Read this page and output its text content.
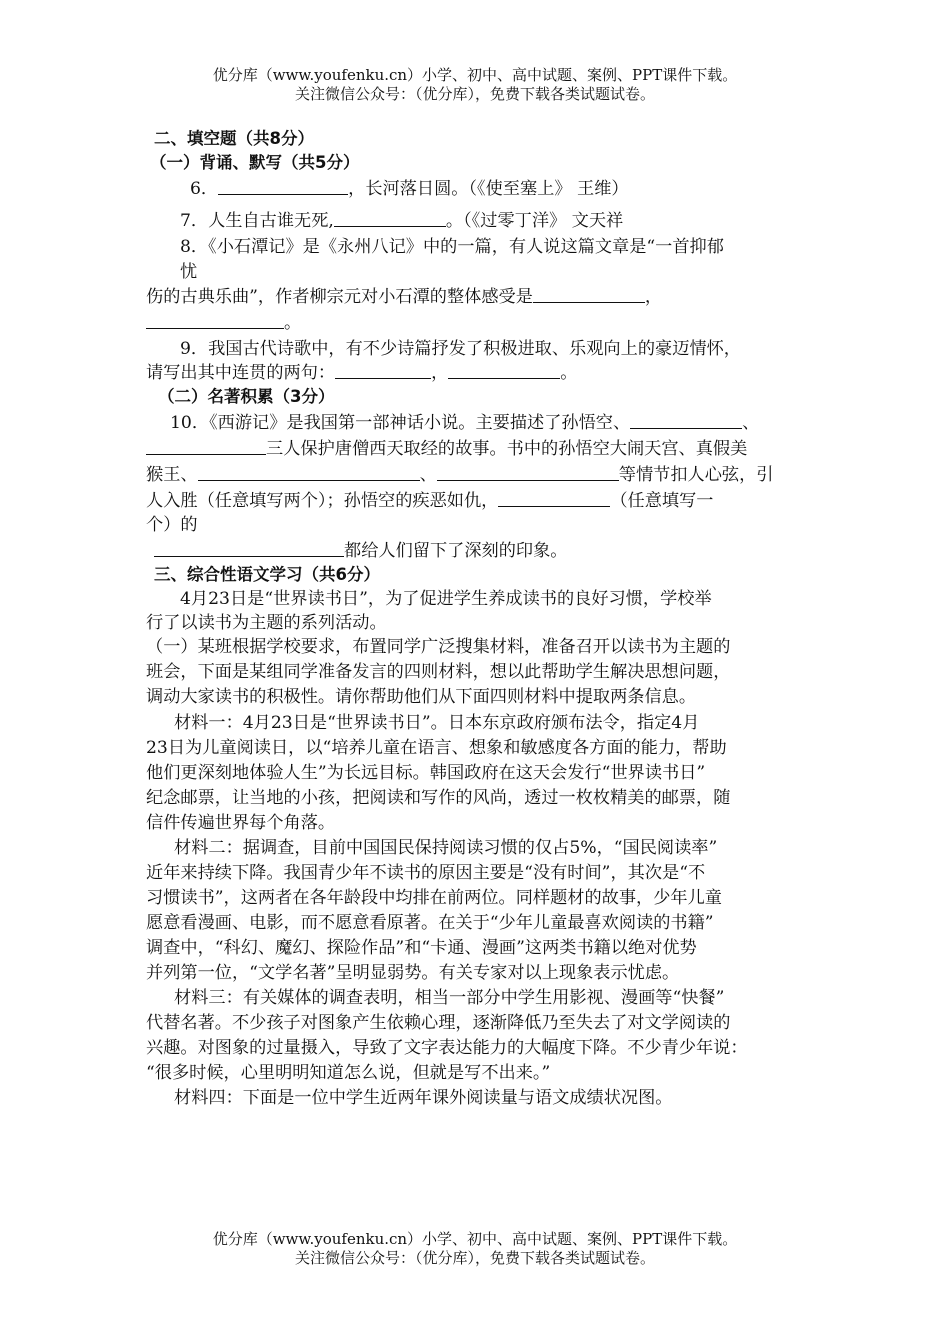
优分库（www.youfenku.cn）小学、初中、高中试题、案例、PPT课件下载。
关注微信公众号：（优分库），免费下载各类试题试卷。
二、填空题（共8分）
（一）背诵、默写（共5分）
6．	，长河落日圆。（《使至塞上》 王维）
7．人生自古谁无死,	。（《过零丁洋》 文天祥
8．《小石潭记》是《永州八记》中的一篇，有人说这篇文章是“一首抑郁
忧
伤的古典乐曲”，作者柳宗元对小石潭的整体感受是	，
。
9．我国古代诗歌中，有不少诗篇抒发了积极进取、乐观向上的豪迈情怀，
请写出其中连贯的两句：	，	。
（二）名著积累（3分）
10．《西游记》是我国第一部神话小说。主要描述了孙悟空、	、
三人保护唐僧西天取经的故事。书中的孙悟空大闹天宫、真假美
猴王、	、	等情节扣人心弦，引
人入胜（任意填写两个）；孙悟空的疾恶如仇，	（任意填写一
个）的
都给人们留下了深刻的印象。
三、综合性语文学习（共6分）
4月23日是“世界读书日”，为了促进学生养成读书的良好习惯，学校举
行了以读书为主题的系列活动。
（一）某班根据学校要求，布置同学广泛搜集材料，准备召开以读书为主题的
班会，下面是某组同学准备发言的四则材料，想以此帮助学生解决思想问题，
调动大家读书的积极性。请你帮助他们从下面四则材料中提取两条信息。
材料一：4月23日是“世界读书日”。日本东京政府颁布法令，指定4月
23日为儿童阅读日，以“培养儿童在语言、想象和敏感度各方面的能力，帮助
他们更深刻地体验人生”为长远目标。韩国政府在这天会发行“世界读书日”
纪念邮票，让当地的小孩，把阅读和写作的风尚，透过一枚枚精美的邮票，随
信件传遍世界每个角落。
材料二：据调查，目前中国国民保持阅读习惯的仅占5%，“国民阅读率”
近年来持续下降。我国青少年不读书的原因主要是“没有时间”，其次是“不
习惯读书”，这两者在各年龄段中均排在前两位。同样题材的故事，少年儿童
愿意看漫画、电影，而不愿意看原著。在关于“少年儿童最喜欢阅读的书籍”
调查中，“科幻、魔幻、探险作品”和“卡通、漫画”这两类书籍以绝对优势
并列第一位，“文学名著”呈明显弱势。有关专家对以上现象表示忧虑。
材料三：有关媒体的调查表明，相当一部分中学生用影视、漫画等“快餐”
代替名著。不少孩子对图象产生依赖心理，逐渐降低乃至失去了对文学阅读的
兴趣。对图象的过量摄入，导致了文字表达能力的大幅度下降。不少青少年说：
“很多时候，心里明明知道怎么说，但就是写不出来。”
材料四：下面是一位中学生近两年课外阅读量与语文成绩状况图。
优分库（www.youfenku.cn）小学、初中、高中试题、案例、PPT课件下载。
关注微信公众号：（优分库），免费下载各类试题试卷。
